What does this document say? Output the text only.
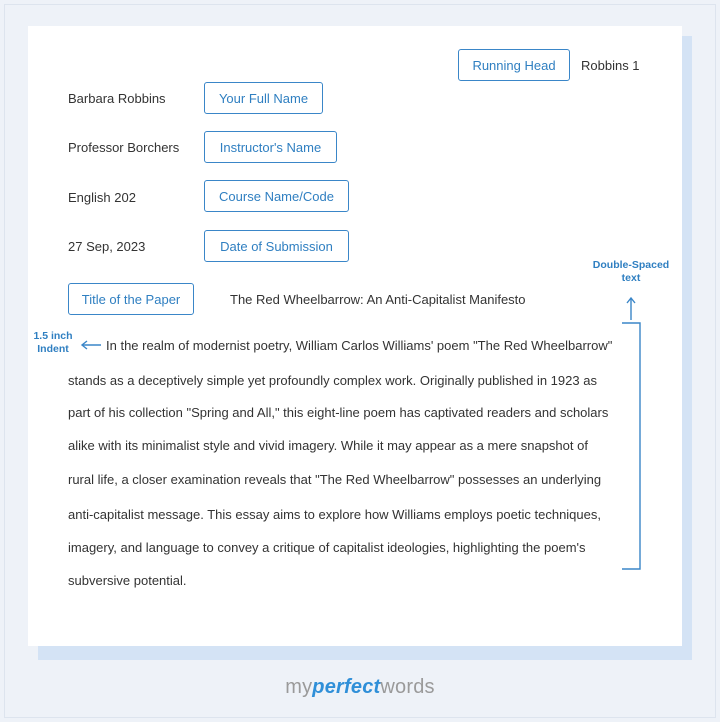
Running Head	Robbins 1
Barbara Robbins	Your Full Name
Professor Borchers	Instructor's Name
English 202	Course Name/Code
27 Sep, 2023	Date of Submission
Title of the Paper	The Red Wheelbarrow: An Anti-Capitalist Manifesto
1.5 inch
Indent
Double-Spaced
text
In the realm of modernist poetry, William Carlos Williams' poem "The Red Wheelbarrow"
stands as a deceptively simple yet profoundly complex work. Originally published in 1923 as
part of his collection "Spring and All," this eight-line poem has captivated readers and scholars
alike with its minimalist style and vivid imagery. While it may appear as a mere snapshot of
rural life, a closer examination reveals that "The Red Wheelbarrow" possesses an underlying
anti-capitalist message. This essay aims to explore how Williams employs poetic techniques,
imagery, and language to convey a critique of capitalist ideologies, highlighting the poem's
subversive potential.
myperfectwords
